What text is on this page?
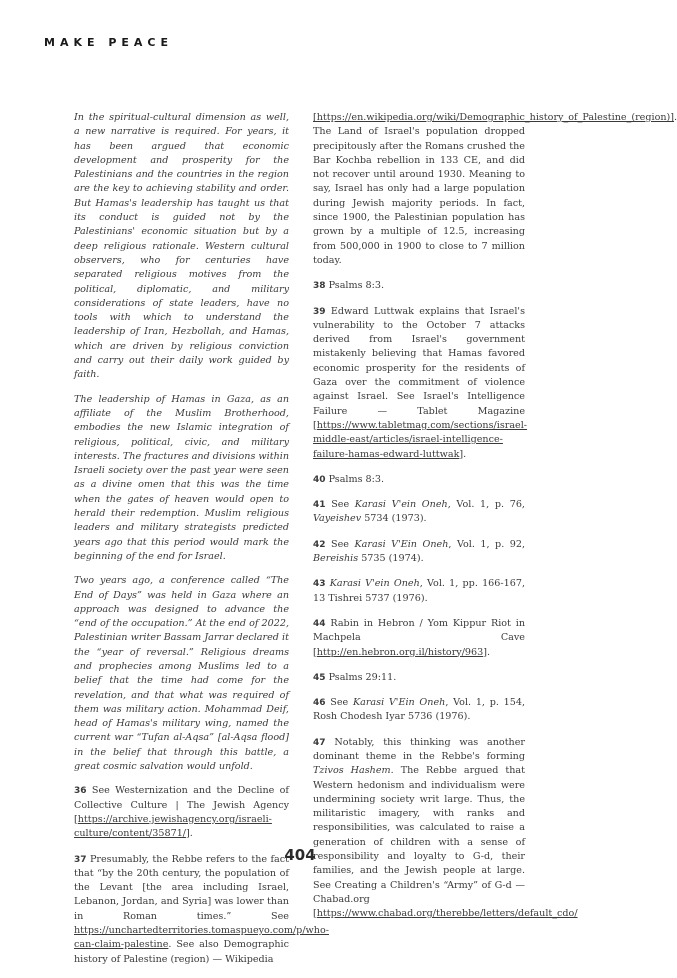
MAKE PEACE

In the spiritual-cultural dimension as well, a new narrative is required. For years, it has been argued that economic development and prosperity for the Palestinians and the countries in the region are the key to achieving stability and order. But Hamas's leadership has taught us that its conduct is guided not by the Palestinians' economic situation but by a deep religious rationale. Western cultural observers, who for centuries have separated religious motives from the political, diplomatic, and military considerations of state leaders, have no tools with which to understand the leadership of Iran, Hezbollah, and Hamas, which are driven by religious conviction and carry out their daily work guided by faith.

The leadership of Hamas in Gaza, as an affiliate of the Muslim Brotherhood, embodies the new Islamic integration of religious, political, civic, and military interests. The fractures and divisions within Israeli society over the past year were seen as a divine omen that this was the time when the gates of heaven would open to herald their redemption. Muslim religious leaders and military strategists predicted years ago that this period would mark the beginning of the end for Israel.

Two years ago, a conference called “The End of Days” was held in Gaza where an approach was designed to advance the “end of the occupation.” At the end of 2022, Palestinian writer Bassam Jarrar declared it the “year of reversal.” Religious dreams and prophecies among Muslims led to a belief that the time had come for the revelation, and that what was required of them was military action. Mohammad Deif, head of Hamas's military wing, named the current war “Tufan al-Aqsa” [al-Aqsa flood] in the belief that through this battle, a great cosmic salvation would unfold.

36 See Westernization and the Decline of Collective Culture | The Jewish Agency [https://archive.jewishagency.org/israeli-culture/content/35871/].

37 Presumably, the Rebbe refers to the fact that “by the 20th century, the population of the Levant [the area including Israel, Lebanon, Jordan, and Syria] was lower than in Roman times.” See https://unchartedterritories.tomaspueyo.com/p/who-can-claim-palestine. See also Demographic history of Palestine (region) — Wikipedia

[https://en.wikipedia.org/wiki/Demographic_history_of_Palestine_(region)]. The Land of Israel's population dropped precipitously after the Romans crushed the Bar Kochba rebellion in 133 CE, and did not recover until around 1930. Meaning to say, Israel has only had a large population during Jewish majority periods. In fact, since 1900, the Palestinian population has grown by a multiple of 12.5, increasing from 500,000 in 1900 to close to 7 million today.

38 Psalms 8:3.

39 Edward Luttwak explains that Israel's vulnerability to the October 7 attacks derived from Israel's government mistakenly believing that Hamas favored economic prosperity for the residents of Gaza over the commitment of violence against Israel. See Israel's Intelligence Failure — Tablet Magazine [https://www.tabletmag.com/sections/israel-middle-east/articles/israel-intelligence-failure-hamas-edward-luttwak].

40 Psalms 8:3.

41 See Karasi V'ein Oneh, Vol. 1, p. 76, Vayeishev 5734 (1973).

42 See Karasi V'Ein Oneh, Vol. 1, p. 92, Bereishis 5735 (1974).

43 Karasi V'ein Oneh, Vol. 1, pp. 166-167, 13 Tishrei 5737 (1976).

44 Rabin in Hebron / Yom Kippur Riot in Machpela Cave [http://en.hebron.org.il/history/963].

45 Psalms 29:11.

46 See Karasi V'Ein Oneh, Vol. 1, p. 154, Rosh Chodesh Iyar 5736 (1976).

47 Notably, this thinking was another dominant theme in the Rebbe's forming Tzivos Hashem. The Rebbe argued that Western hedonism and individualism were undermining society writ large. Thus, the militaristic imagery, with ranks and responsibilities, was calculated to raise a generation of children with a sense of responsibility and loyalty to G-d, their families, and the Jewish people at large. See Creating a Children's “Army” of G-d — Chabad.org [https://www.chabad.org/therebbe/letters/default_cdo/

404
